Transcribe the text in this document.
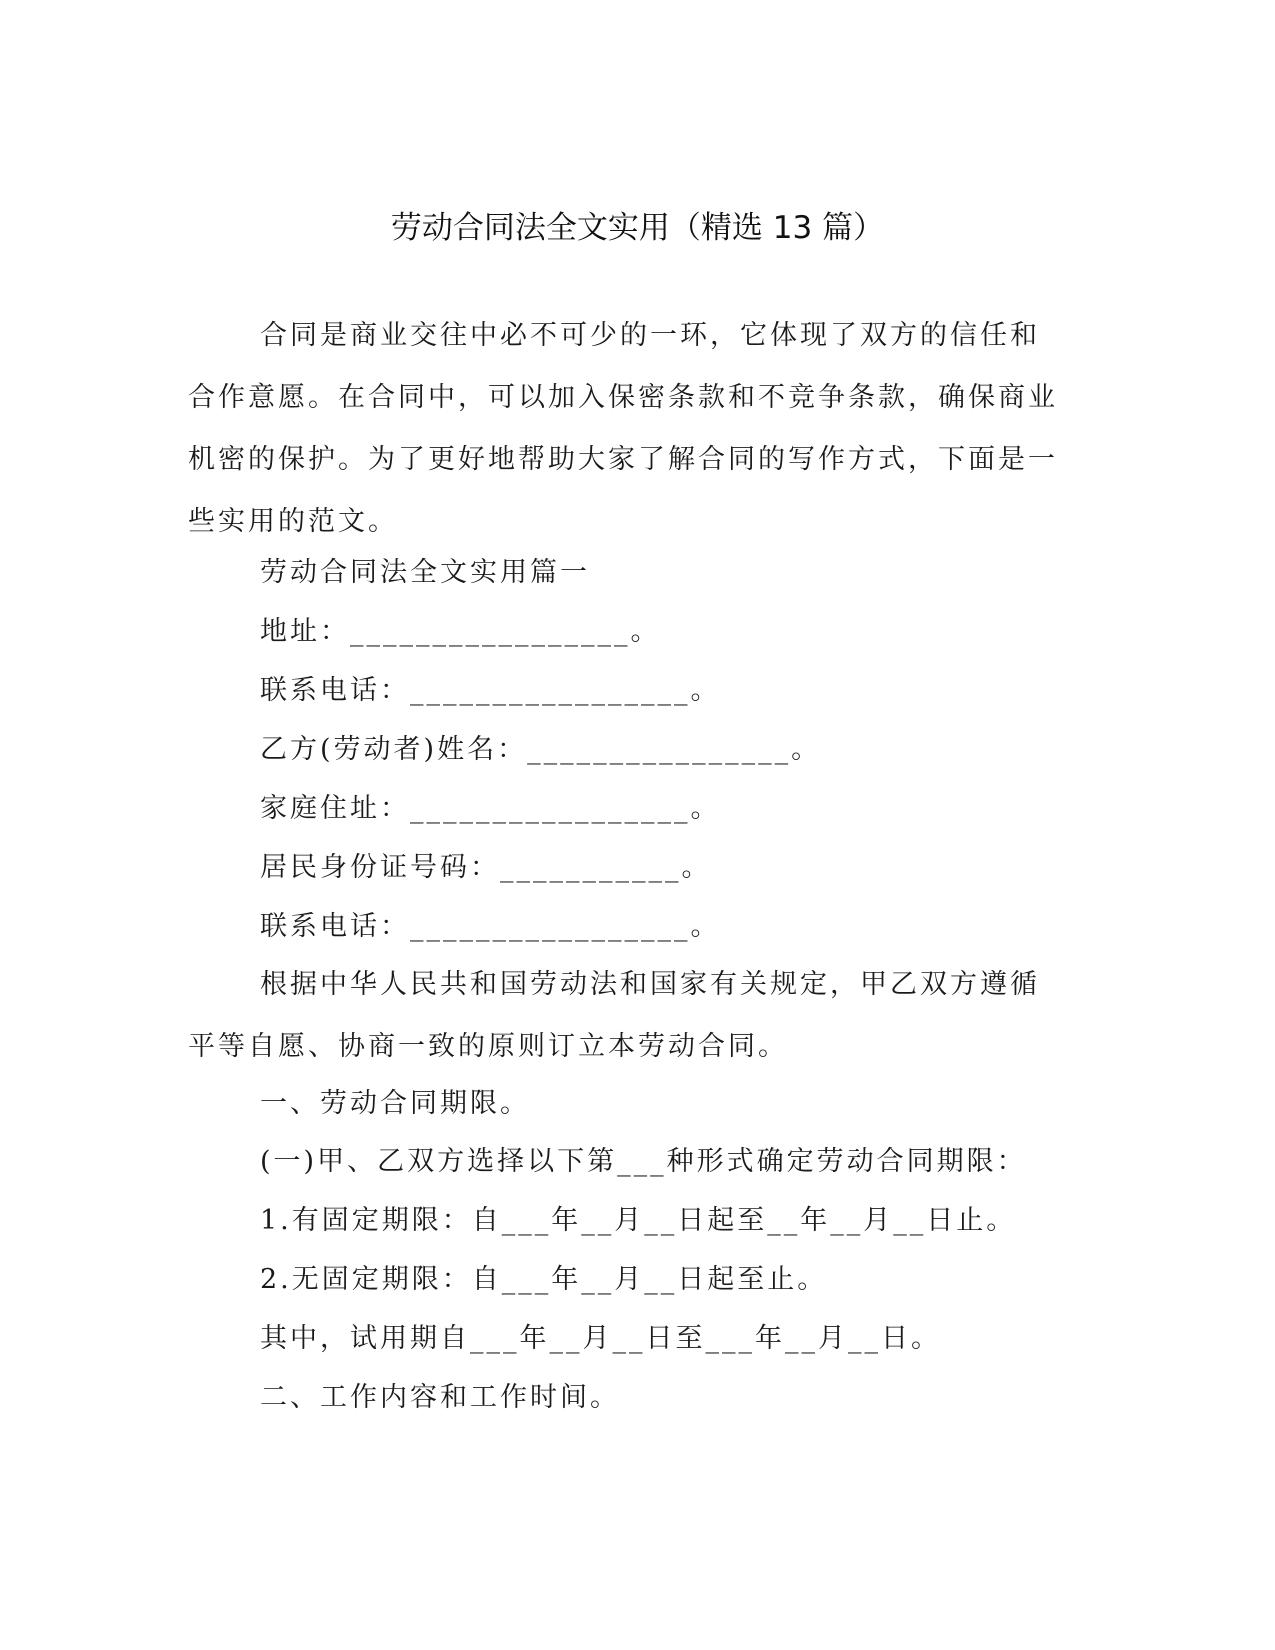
劳动合同法全文实用（精选 13 篇）

合同是商业交往中必不可少的一环，它体现了双方的信任和合作意愿。在合同中，可以加入保密条款和不竞争条款，确保商业机密的保护。为了更好地帮助大家了解合同的写作方式，下面是一些实用的范文。

劳动合同法全文实用篇一
地址：_________________。
联系电话：_________________。
乙方(劳动者)姓名：________________。
家庭住址：_________________。
居民身份证号码：___________。
联系电话：_________________。

根据中华人民共和国劳动法和国家有关规定，甲乙双方遵循平等自愿、协商一致的原则订立本劳动合同。

一、劳动合同期限。
(一)甲、乙双方选择以下第___种形式确定劳动合同期限：
1.有固定期限：自___年__月__日起至__年__月__日止。
2.无固定期限：自___年__月__日起至止。
其中，试用期自___年__月__日至___年__月__日。
二、工作内容和工作时间。
